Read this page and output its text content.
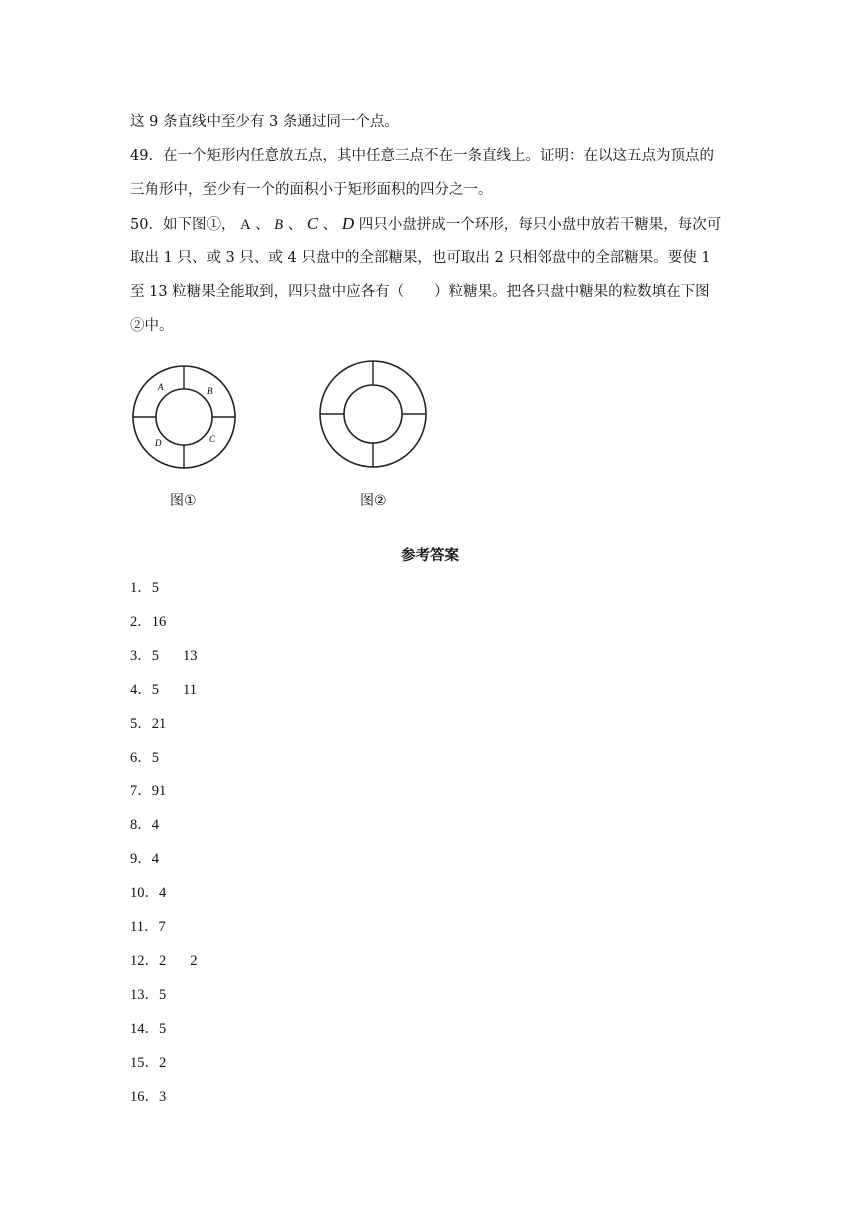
这 9 条直线中至少有 3 条通过同一个点。
49．在一个矩形内任意放五点，其中任意三点不在一条直线上。证明：在以这五点为顶点的
三角形中，至少有一个的面积小于矩形面积的四分之一。
50．如下图①， A 、 B 、 C 、 D 四只小盘拼成一个环形，每只小盘中放若干糖果，每次可
取出 1 只、或 3 只、或 4 只盘中的全部糖果，也可取出 2 只相邻盘中的全部糖果。要使 1
至 13 粒糖果全能取到，四只盘中应各有（ ）粒糖果。把各只盘中糖果的粒数填在下图
②中。
A	B
C
D
图①	图②
参考答案
1．5
2．16
3．5 13
4．5 11
5．21
6．5
7．91
8．4
9．4
10．4
11．7
12．2 2
13．5
14．5
15．2
16．3
